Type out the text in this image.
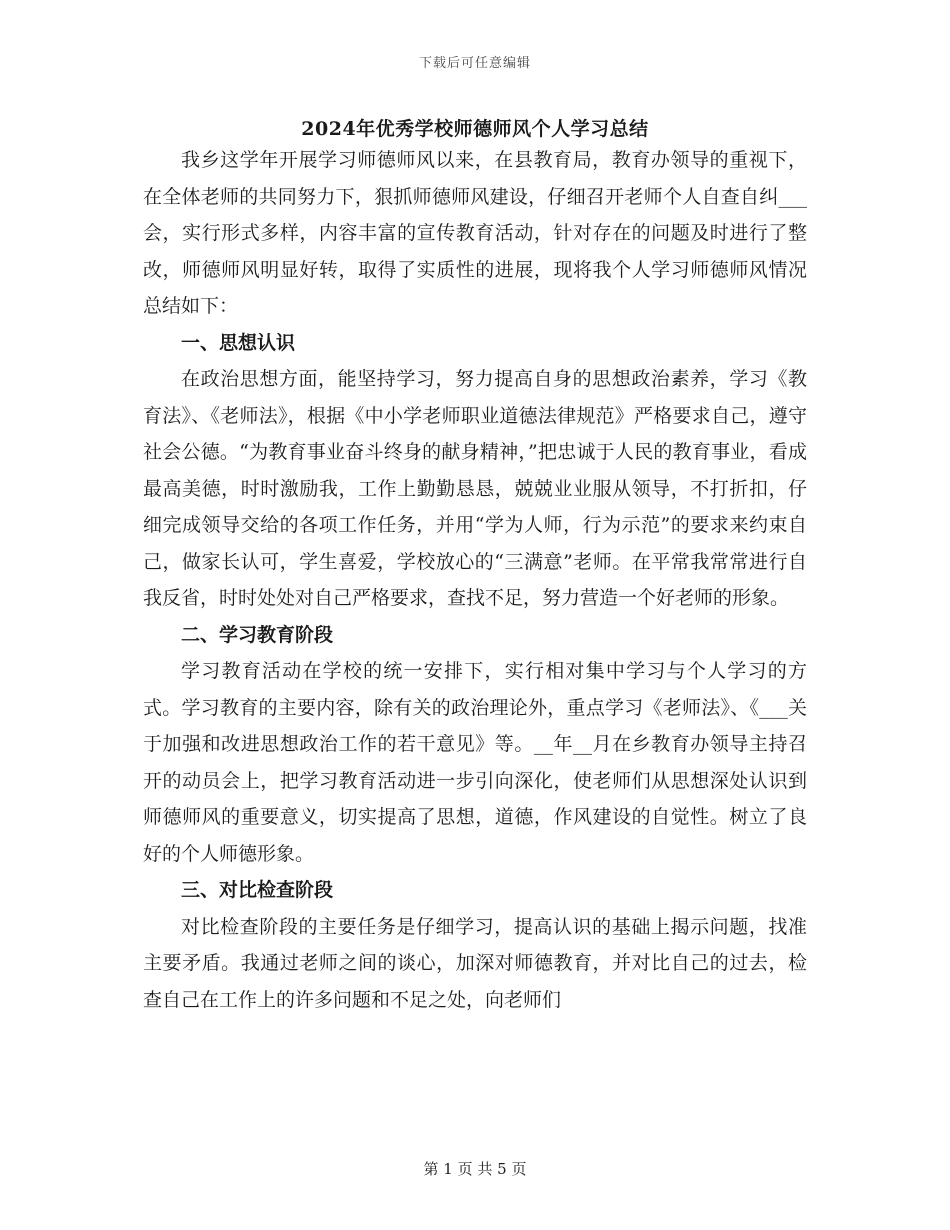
下载后可任意编辑
2024年优秀学校师德师风个人学习总结

我乡这学年开展学习师德师风以来，在县教育局，教育办领导的重视下，在全体老师的共同努力下，狠抓师德师风建设，仔细召开老师个人自查自纠___会，实行形式多样，内容丰富的宣传教育活动，针对存在的问题及时进行了整改，师德师风明显好转，取得了实质性的进展，现将我个人学习师德师风情况总结如下：

一、思想认识

在政治思想方面，能坚持学习，努力提高自身的思想政治素养，学习《教育法》、《老师法》，根据《中小学老师职业道德法律规范》严格要求自己，遵守社会公德。“为教育事业奋斗终身的献身精神，”把忠诚于人民的教育事业，看成最高美德，时时激励我，工作上勤勤恳恳，兢兢业业服从领导，不打折扣，仔细完成领导交给的各项工作任务，并用“学为人师，行为示范”的要求来约束自己，做家长认可，学生喜爱，学校放心的“三满意”老师。在平常我常常进行自我反省，时时处处对自己严格要求，查找不足，努力营造一个好老师的形象。

二、学习教育阶段

学习教育活动在学校的统一安排下，实行相对集中学习与个人学习的方式。学习教育的主要内容，除有关的政治理论外，重点学习《老师法》、《___关于加强和改进思想政治工作的若干意见》等。__年__月在乡教育办领导主持召开的动员会上，把学习教育活动进一步引向深化，使老师们从思想深处认识到师德师风的重要意义，切实提高了思想，道德，作风建设的自觉性。树立了良好的个人师德形象。

三、对比检查阶段

对比检查阶段的主要任务是仔细学习，提高认识的基础上揭示问题，找准主要矛盾。我通过老师之间的谈心，加深对师德教育，并对比自己的过去，检查自己在工作上的许多问题和不足之处，向老师们

第 1 页 共 5 页
